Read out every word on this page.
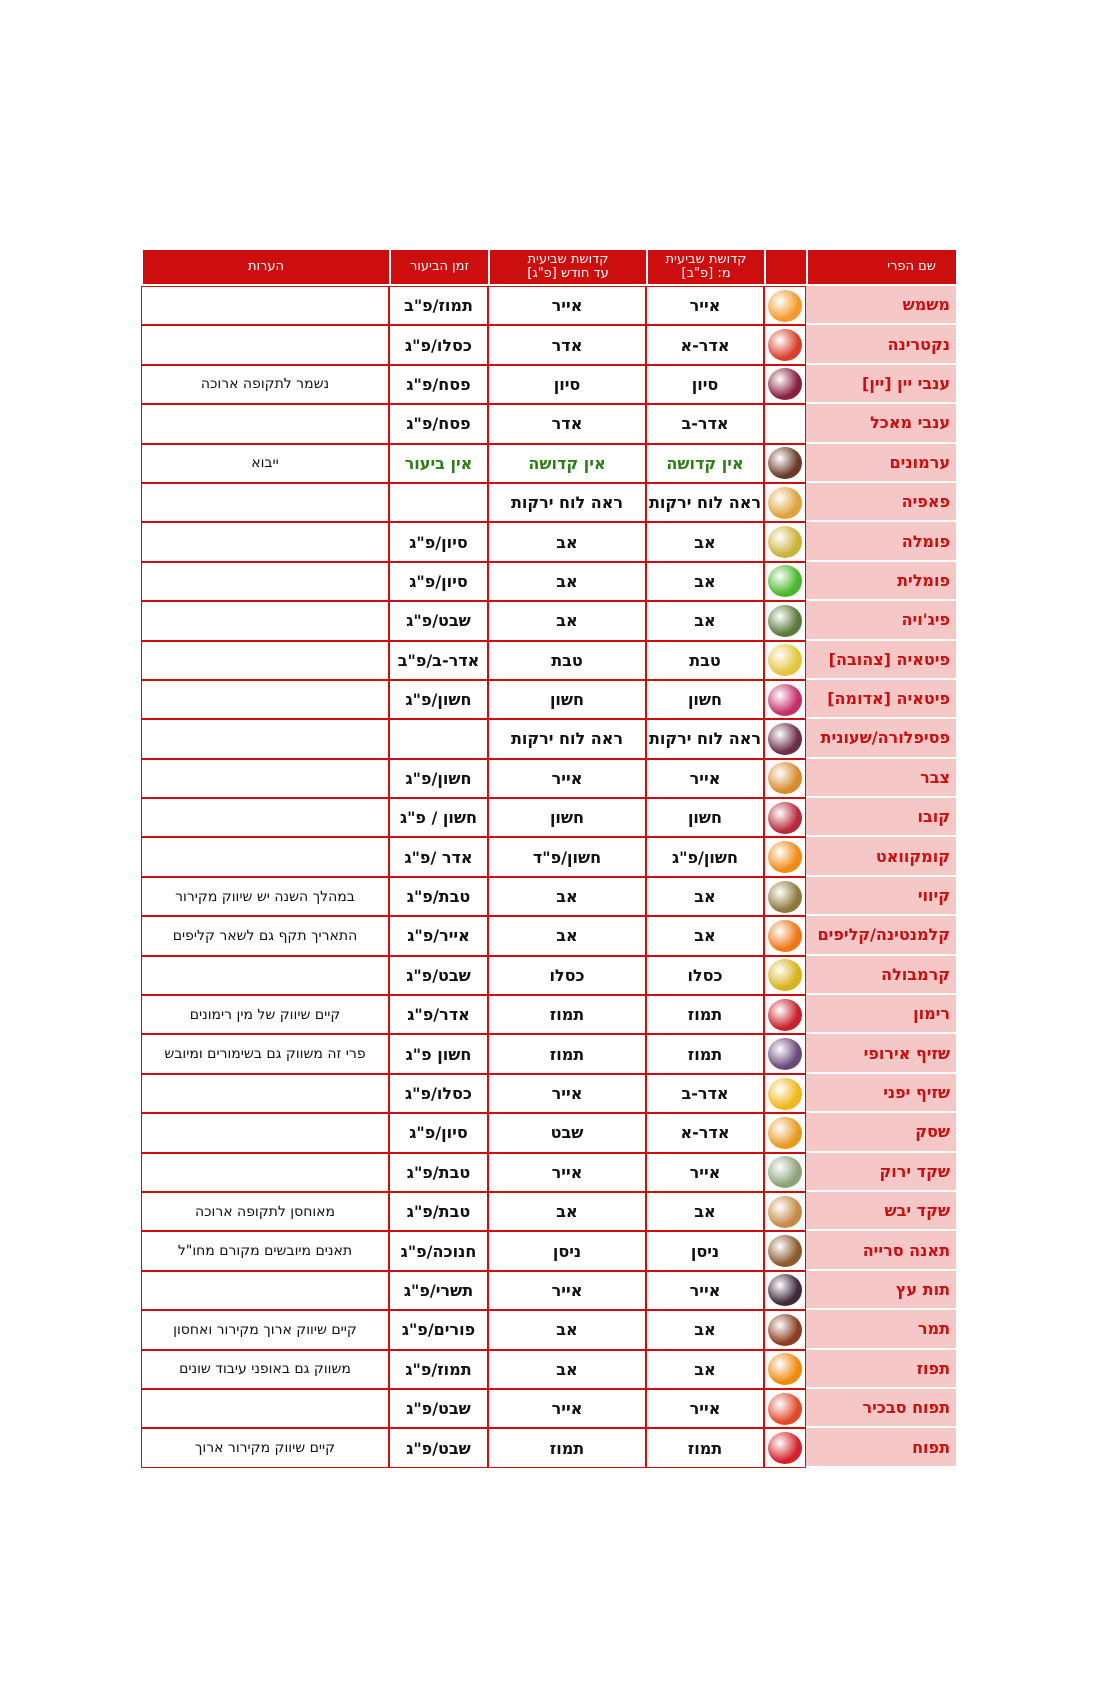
שם הפרי
קדושת שביעית
מ: [פ"ב]
קדושת שביעית
עד חודש [פ"ג]
זמן הביעור
הערות
משמש
אייר
אייר
תמוז/פ"ב
נקטרינה
אדר-א
אדר
כסלו/פ"ג
ענבי יין [יין]
סיון
סיון
פסח/פ"ג
נשמר לתקופה ארוכה
ענבי מאכל
אדר-ב
אדר
פסח/פ"ג
ערמונים
אין קדושה
אין קדושה
אין ביעור
ייבוא
פאפיה
ראה לוח ירקות
ראה לוח ירקות
פומלה
אב
אב
סיון/פ"ג
פומלית
אב
אב
סיון/פ"ג
פיג'ויה
אב
אב
שבט/פ"ג
פיטאיה [צהובה]
טבת
טבת
אדר-ב/פ"ב
פיטאיה [אדומה]
חשון
חשון
חשון/פ"ג
פסיפלורה/שעונית
ראה לוח ירקות
ראה לוח ירקות
צבר
אייר
אייר
חשון/פ"ג
קובו
חשון
חשון
חשון / פ"ג
קומקוואט
חשון/פ"ג
חשון/פ"ד
אדר /פ"ג
קיווי
אב
אב
טבת/פ"ג
במהלך השנה יש שיווק מקירור
קלמנטינה/קליפים
אב
אב
אייר/פ"ג
התאריך תקף גם לשאר קליפים
קרמבולה
כסלו
כסלו
שבט/פ"ג
רימון
תמוז
תמוז
אדר/פ"ג
קיים שיווק של מין רימונים
שזיף אירופי
תמוז
תמוז
חשון פ"ג
פרי זה משווק גם בשימורים ומיובש
שזיף יפני
אדר-ב
אייר
כסלו/פ"ג
שסק
אדר-א
שבט
סיון/פ"ג
שקד ירוק
אייר
אייר
טבת/פ"ג
שקד יבש
אב
אב
טבת/פ"ג
מאוחסן לתקופה ארוכה
תאנה סרייה
ניסן
ניסן
חנוכה/פ"ג
תאנים מיובשים מקורם מחו"ל
תות עץ
אייר
אייר
תשרי/פ"ג
תמר
אב
אב
פורים/פ"ג
קיים שיווק ארוך מקירור ואחסון
תפוז
אב
אב
תמוז/פ"ג
משווק גם באופני עיבוד שונים
תפוח סבכיר
אייר
אייר
שבט/פ"ג
תפוח
תמוז
תמוז
שבט/פ"ג
קיים שיווק מקירור ארוך
